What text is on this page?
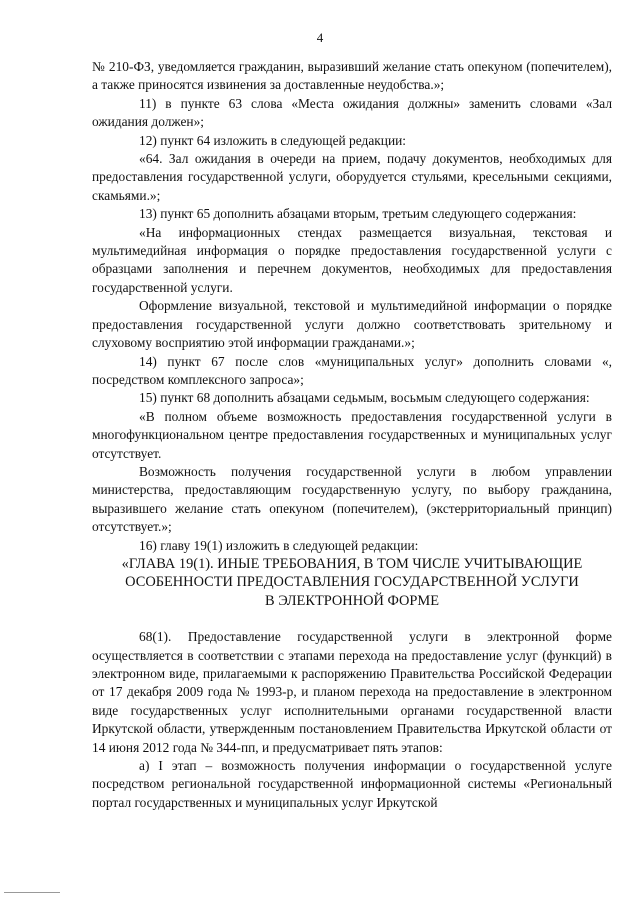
4

№ 210-ФЗ, уведомляется гражданин, выразивший желание стать опекуном (попечителем), а также приносятся извинения за доставленные неудобства.»;

11) в пункте 63 слова «Места ожидания должны» заменить словами «Зал ожидания должен»;

12) пункт 64 изложить в следующей редакции:

«64. Зал ожидания в очереди на прием, подачу документов, необходимых для предоставления государственной услуги, оборудуется стульями, кресельными секциями, скамьями.»;

13) пункт 65 дополнить абзацами вторым, третьим следующего содержания:

«На информационных стендах размещается визуальная, текстовая и мультимедийная информация о порядке предоставления государственной услуги с образцами заполнения и перечнем документов, необходимых для предоставления государственной услуги.

Оформление визуальной, текстовой и мультимедийной информации о порядке предоставления государственной услуги должно соответствовать зрительному и слуховому восприятию этой информации гражданами.»;

14) пункт 67 после слов «муниципальных услуг» дополнить словами «, посредством комплексного запроса»;

15) пункт 68 дополнить абзацами седьмым, восьмым следующего содержания:

«В полном объеме возможность предоставления государственной услуги в многофункциональном центре предоставления государственных и муниципальных услуг отсутствует.

Возможность получения государственной услуги в любом управлении министерства, предоставляющим государственную услугу, по выбору гражданина, выразившего желание стать опекуном (попечителем), (экстерриториальный принцип) отсутствует.»;

16) главу 19(1) изложить в следующей редакции:

«ГЛАВА 19(1). ИНЫЕ ТРЕБОВАНИЯ, В ТОМ ЧИСЛЕ УЧИТЫВАЮЩИЕ

ОСОБЕННОСТИ ПРЕДОСТАВЛЕНИЯ ГОСУДАРСТВЕННОЙ УСЛУГИ

В ЭЛЕКТРОННОЙ ФОРМЕ

68(1). Предоставление государственной услуги в электронной форме осуществляется в соответствии с этапами перехода на предоставление услуг (функций) в электронном виде, прилагаемыми к распоряжению Правительства Российской Федерации от 17 декабря 2009 года № 1993-р, и планом перехода на предоставление в электронном виде государственных услуг исполнительными органами государственной власти Иркутской области, утвержденным постановлением Правительства Иркутской области от 14 июня 2012 года № 344-пп, и предусматривает пять этапов:

а) I этап – возможность получения информации о государственной услуге посредством региональной государственной информационной системы «Региональный портал государственных и муниципальных услуг Иркутской
